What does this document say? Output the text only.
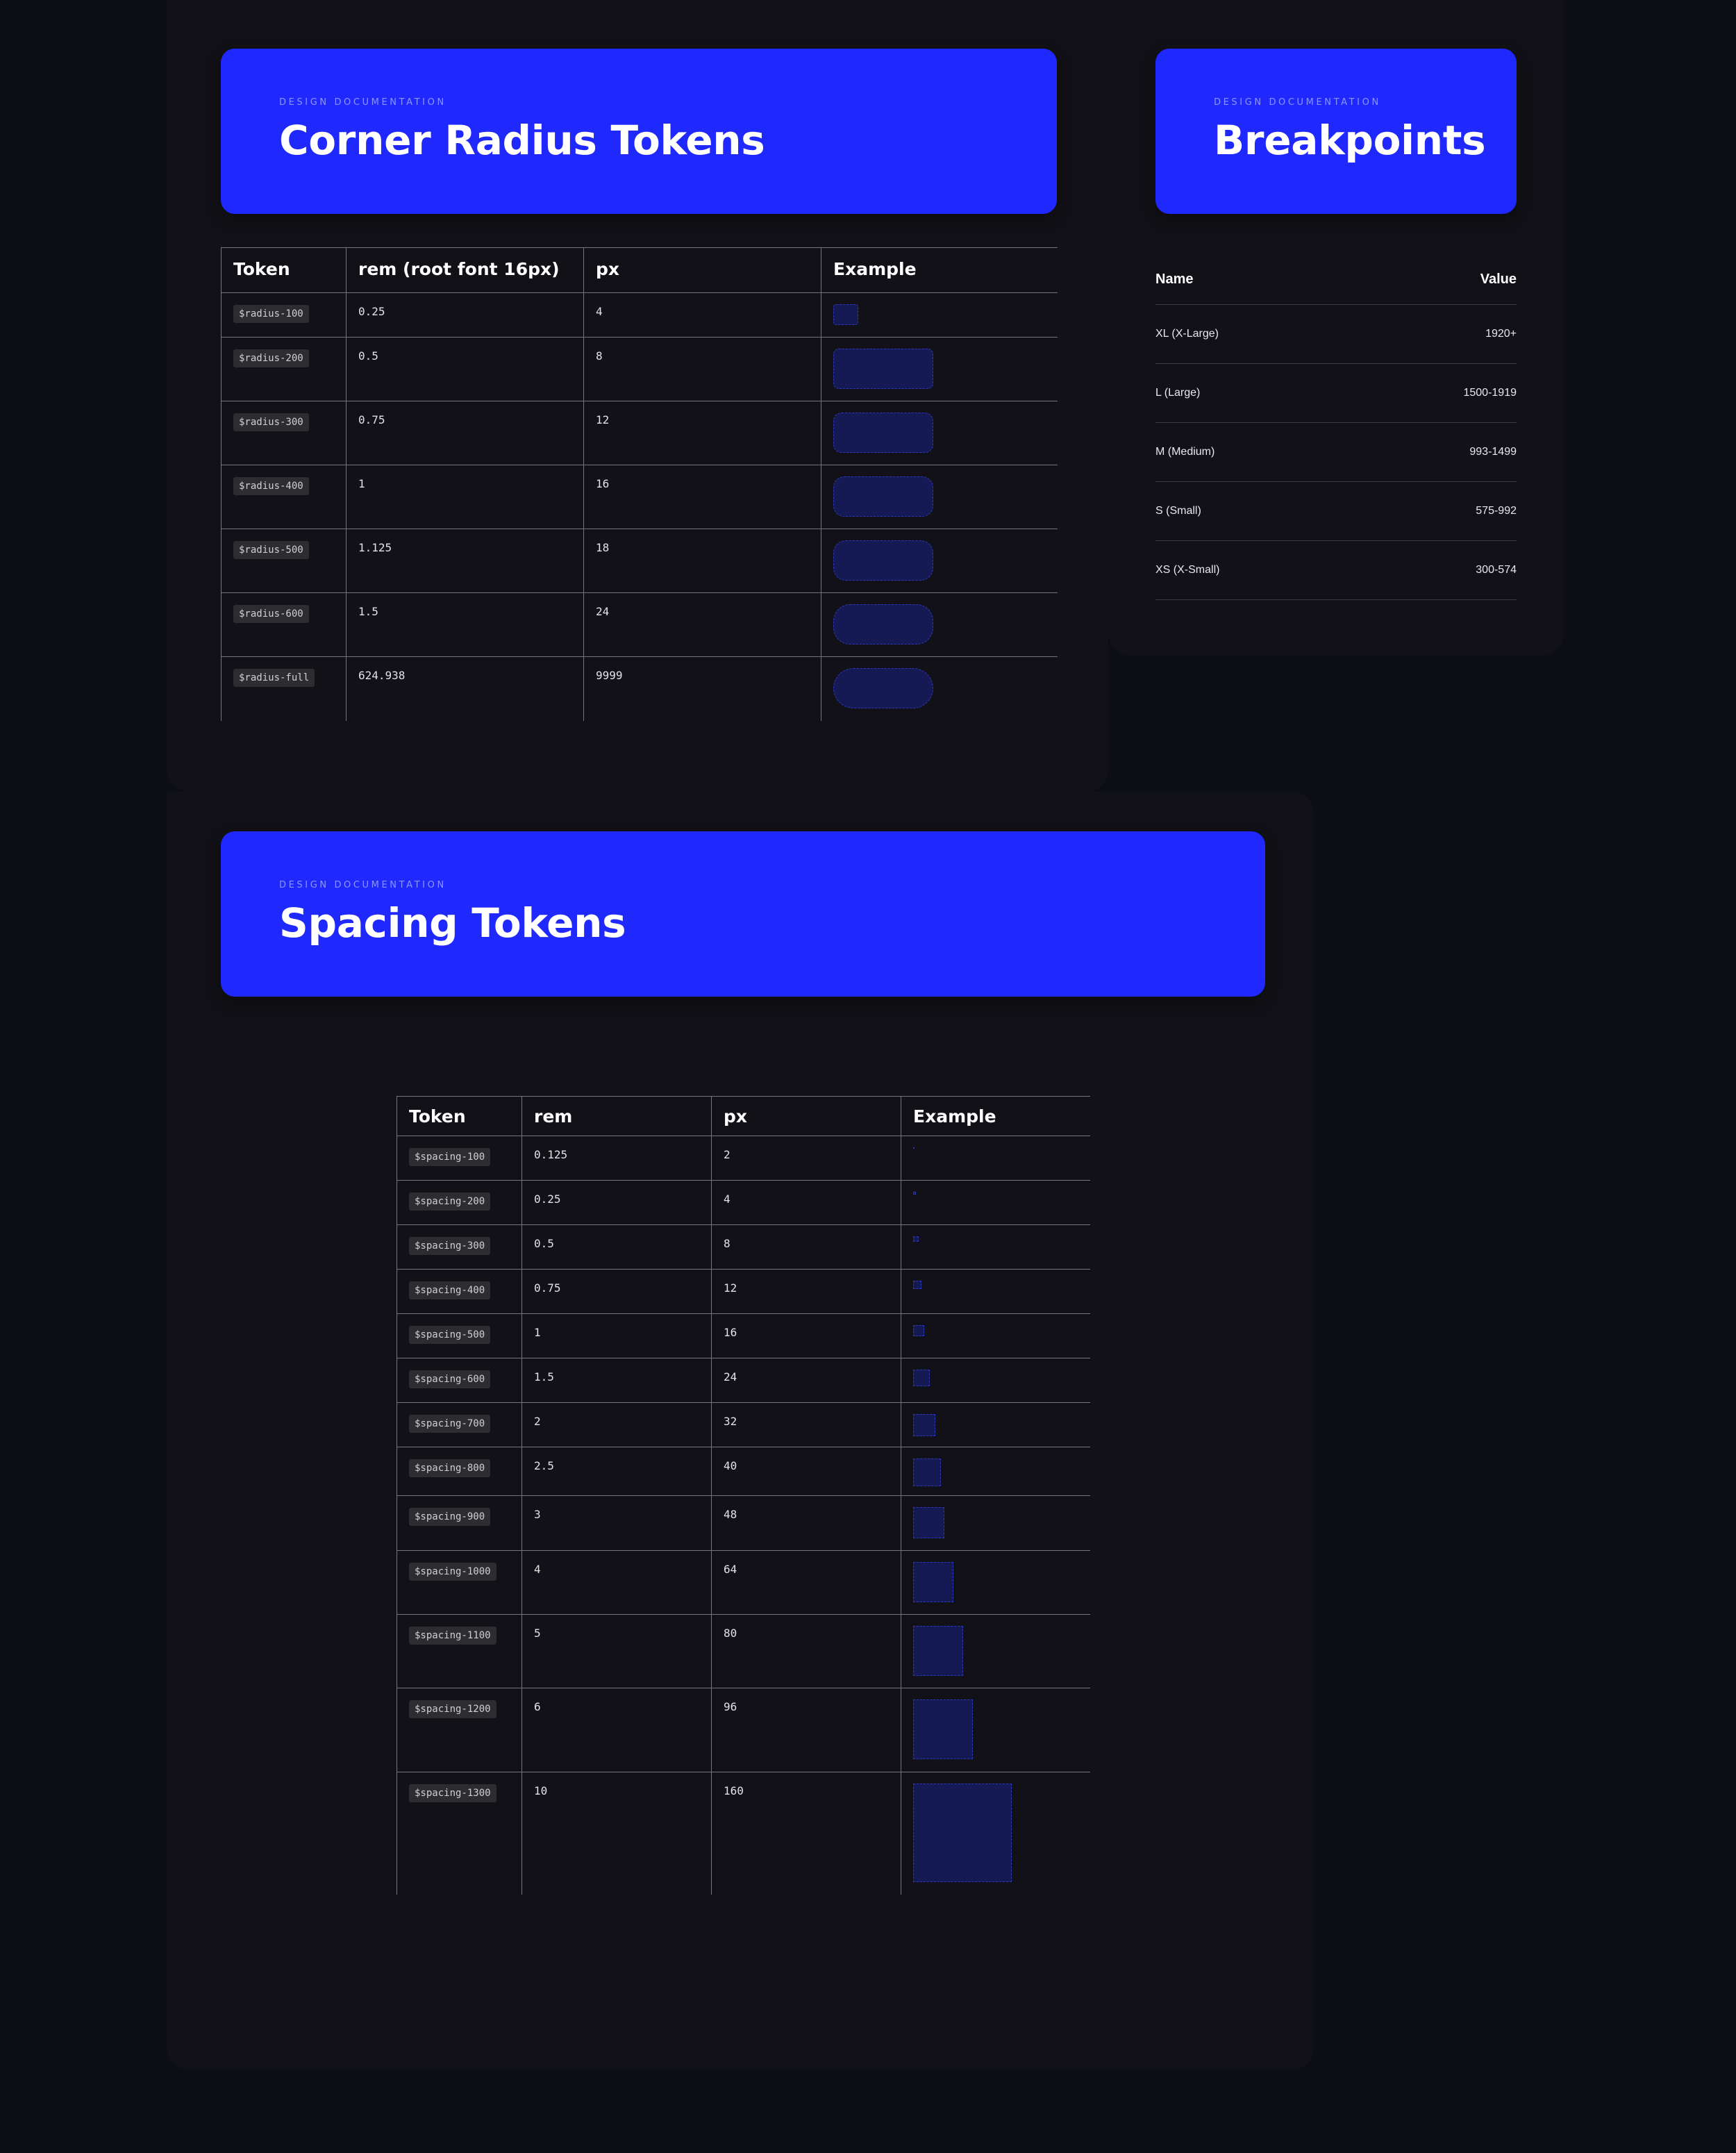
DESIGN DOCUMENTATION
Corner Radius Tokens
Token	rem (root font 16px)	px	Example
$radius-100	0.25	4	

$radius-200	0.5	8	

$radius-300	0.75	12	

$radius-400	1	16	

$radius-500	1.125	18	

$radius-600	1.5	24	

$radius-full	624.938	9999	
DESIGN DOCUMENTATION
Breakpoints
Name	Value
XL (X-Large)	1920+
L (Large)	1500-1919
M (Medium)	993-1499
S (Small)	575-992
XS (X-Small)	300-574
DESIGN DOCUMENTATION
Spacing Tokens
Token	rem	px	Example
$spacing-100	0.125	2	

$spacing-200	0.25	4	

$spacing-300	0.5	8	

$spacing-400	0.75	12	

$spacing-500	1	16	

$spacing-600	1.5	24	

$spacing-700	2	32	

$spacing-800	2.5	40	

$spacing-900	3	48	

$spacing-1000	4	64	

$spacing-1100	5	80	

$spacing-1200	6	96	

$spacing-1300	10	160	
